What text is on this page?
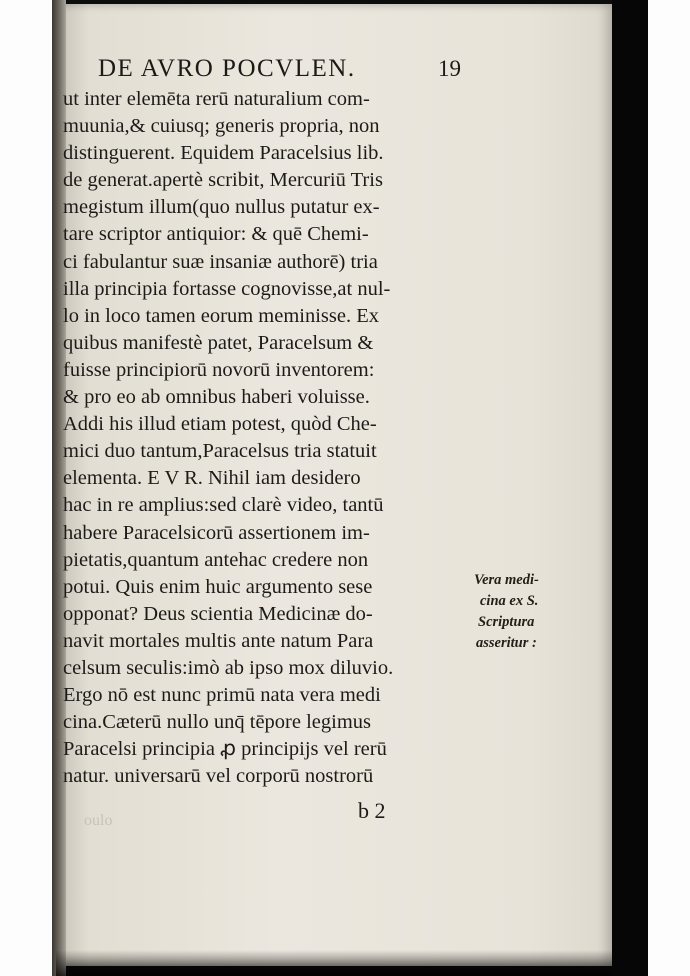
DE AVRO POCVLEN.	19
ut inter elemēta rerū naturalium com-
muunia,& cuiusq; generis propria, non
distinguerent. Equidem Paracelsius lib.
de generat.apertè scribit, Mercuriū Tris
megistum illum(quo nullus putatur ex-
tare scriptor antiquior: & quē Chemi-
ci fabulantur suæ insaniæ authorē) tria
illa principia fortasse cognovisse,at nul-
lo in loco tamen eorum meminisse. Ex
quibus manifestè patet, Paracelsum &
fuisse principiorū novorū inventorem:
& pro eo ab omnibus haberi voluisse.
Addi his illud etiam potest, quòd Che-
mici duo tantum,Paracelsus tria statuit
elementa. E V R. Nihil iam desidero
hac in re amplius:sed clarè video, tantū
habere Paracelsicorū assertionem im-
pietatis,quantum antehac credere non
potui. Quis enim huic argumento sese
opponat? Deus scientia Medicinæ do-
navit mortales multis ante natum Para
celsum seculis:imò ab ipso mox diluvio.
Ergo nō est nunc primū nata vera medi
cina.Cæterū nullo unq̄ tēpore legimus
Paracelsi principia ꝓ principijs vel rerū
natur. universarū vel corporū nostrorū
Vera medi-
cina ex S.
Scriptura
asseritur :
b 2
oulo
